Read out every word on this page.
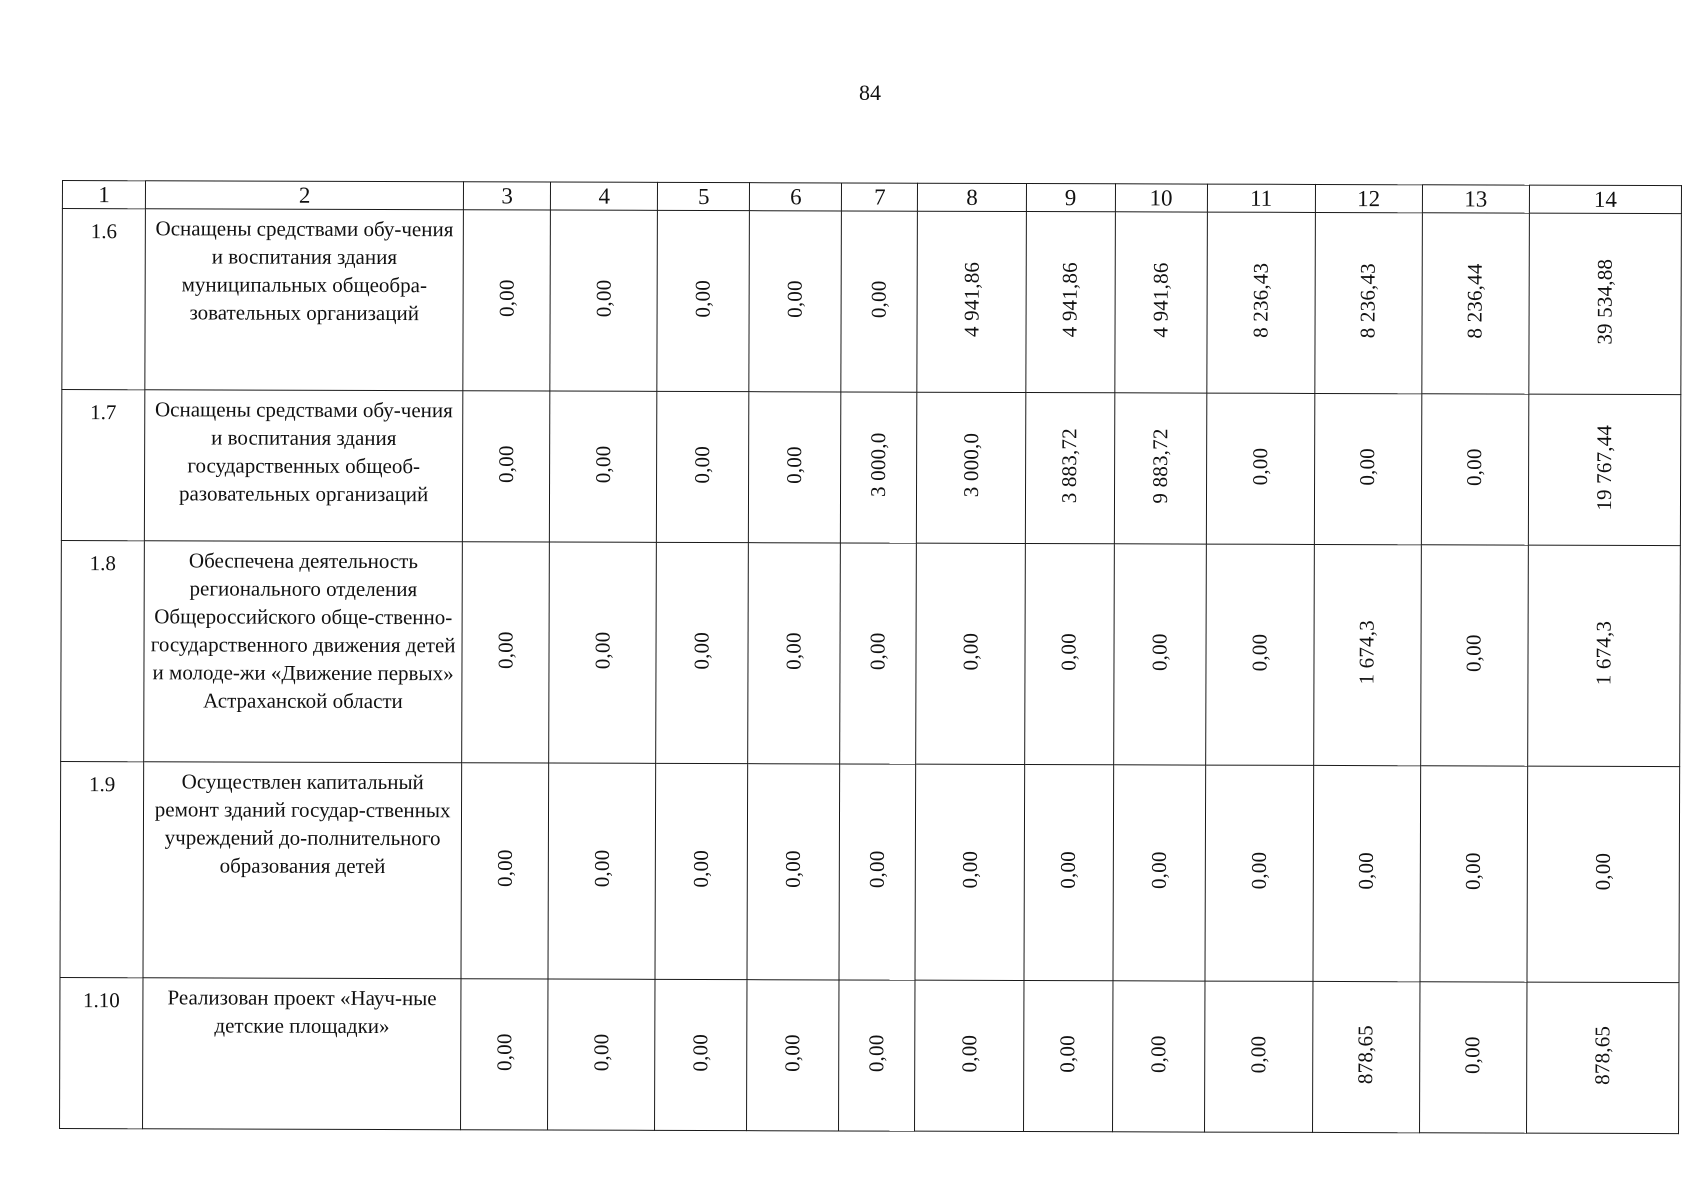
84
1	2	3	4	5	6	7	8	9	10	11	12	13	14
1.6	Оснащены средствами обу-чения и воспитания здания муниципальных общеобра-зовательных организаций	0,00	0,00	0,00	0,00	0,00	4 941,86	4 941,86	4 941,86	8 236,43	8 236,43	8 236,44	39 534,88
1.7	Оснащены средствами обу-чения и воспитания здания государственных общеоб-разовательных организаций	0,00	0,00	0,00	0,00	3 000,0	3 000,0	3 883,72	9 883,72	0,00	0,00	0,00	19 767,44
1.8	Обеспечена деятельность регионального отделения Общероссийского обще-ственно-государственного движения детей и молоде-жи «Движение первых» Астраханской области	0,00	0,00	0,00	0,00	0,00	0,00	0,00	0,00	0,00	1 674,3	0,00	1 674,3
1.9	Осуществлен капитальный ремонт зданий государ-ственных учреждений до-полнительного образования детей	0,00	0,00	0,00	0,00	0,00	0,00	0,00	0,00	0,00	0,00	0,00	0,00
1.10	Реализован проект «Науч-ные детские площадки»	0,00	0,00	0,00	0,00	0,00	0,00	0,00	0,00	0,00	878,65	0,00	878,65
